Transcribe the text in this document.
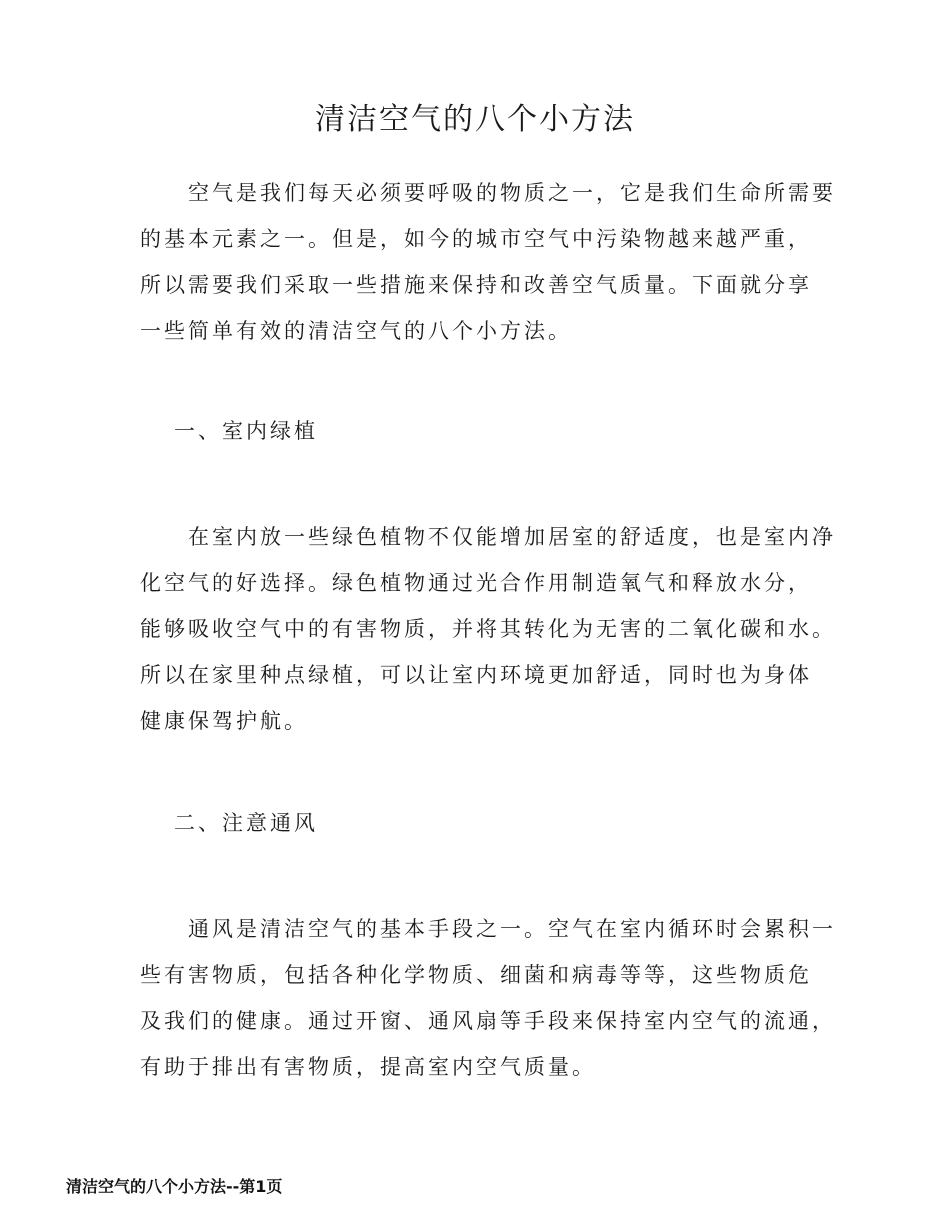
清洁空气的八个小方法

　　空气是我们每天必须要呼吸的物质之一，它是我们生命所需要
的基本元素之一。但是，如今的城市空气中污染物越来越严重，
所以需要我们采取一些措施来保持和改善空气质量。下面就分享
一些简单有效的清洁空气的八个小方法。

一、室内绿植

　　在室内放一些绿色植物不仅能增加居室的舒适度，也是室内净
化空气的好选择。绿色植物通过光合作用制造氧气和释放水分，
能够吸收空气中的有害物质，并将其转化为无害的二氧化碳和水。
所以在家里种点绿植，可以让室内环境更加舒适，同时也为身体
健康保驾护航。

二、注意通风

　　通风是清洁空气的基本手段之一。空气在室内循环时会累积一
些有害物质，包括各种化学物质、细菌和病毒等等，这些物质危
及我们的健康。通过开窗、通风扇等手段来保持室内空气的流通，
有助于排出有害物质，提高室内空气质量。

清洁空气的八个小方法--第1页
